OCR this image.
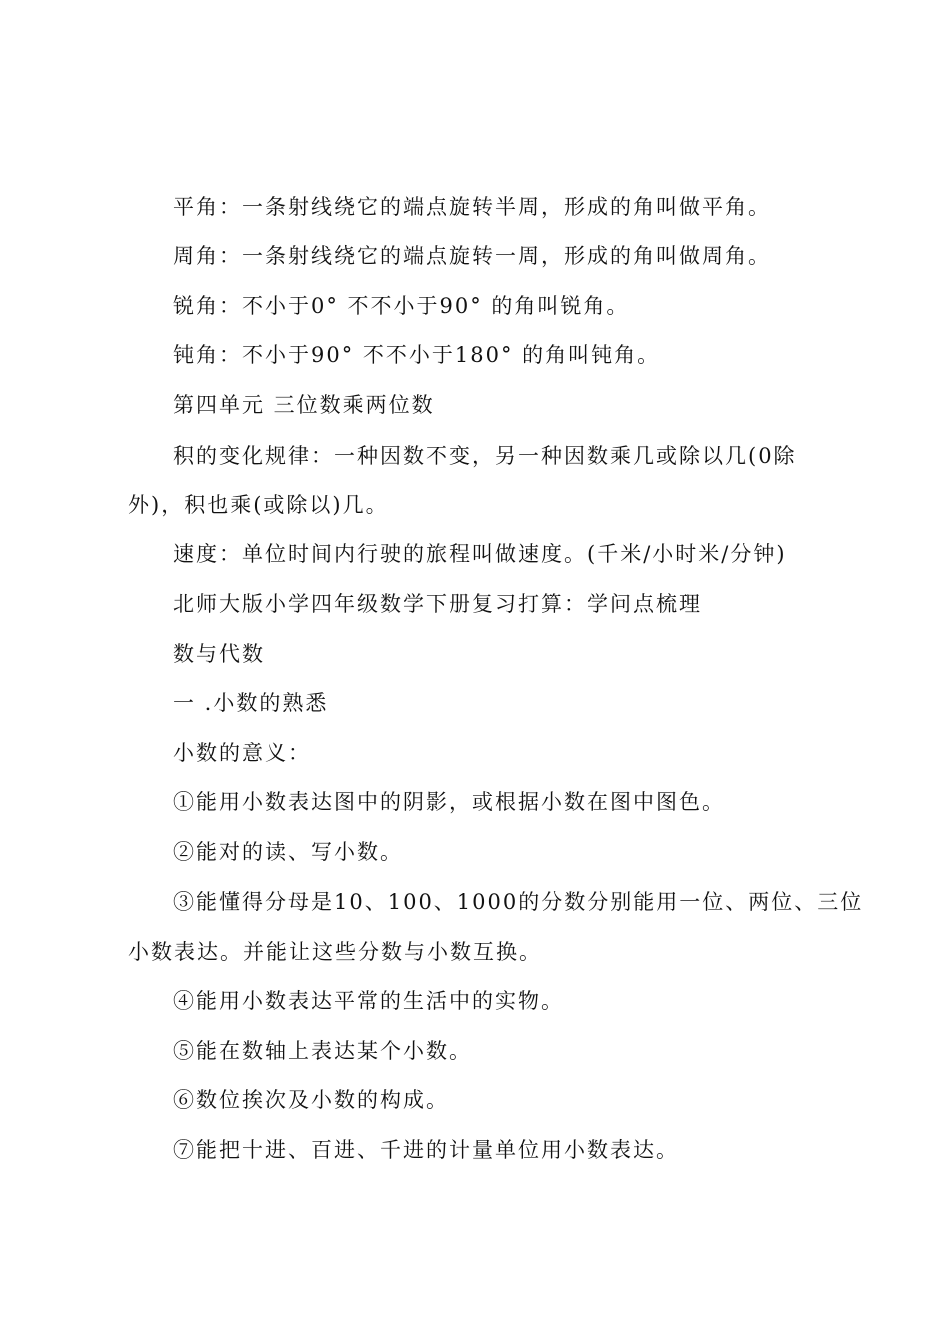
平角：一条射线绕它的端点旋转半周，形成的角叫做平角。
周角：一条射线绕它的端点旋转一周，形成的角叫做周角。
锐角：不小于0° 不不小于90° 的角叫锐角。
钝角：不小于90° 不不小于180° 的角叫钝角。
第四单元 三位数乘两位数
积的变化规律：一种因数不变，另一种因数乘几或除以几(0除
外)，积也乘(或除以)几。
速度：单位时间内行驶的旅程叫做速度。(千米/小时米/分钟)
北师大版小学四年级数学下册复习打算：学问点梳理
数与代数
一 .小数的熟悉
小数的意义：
①能用小数表达图中的阴影，或根据小数在图中图色。
②能对的读、写小数。
③能懂得分母是10、100、1000的分数分别能用一位、两位、三位
小数表达。并能让这些分数与小数互换。
④能用小数表达平常的生活中的实物。
⑤能在数轴上表达某个小数。
⑥数位挨次及小数的构成。
⑦能把十进、百进、千进的计量单位用小数表达。
